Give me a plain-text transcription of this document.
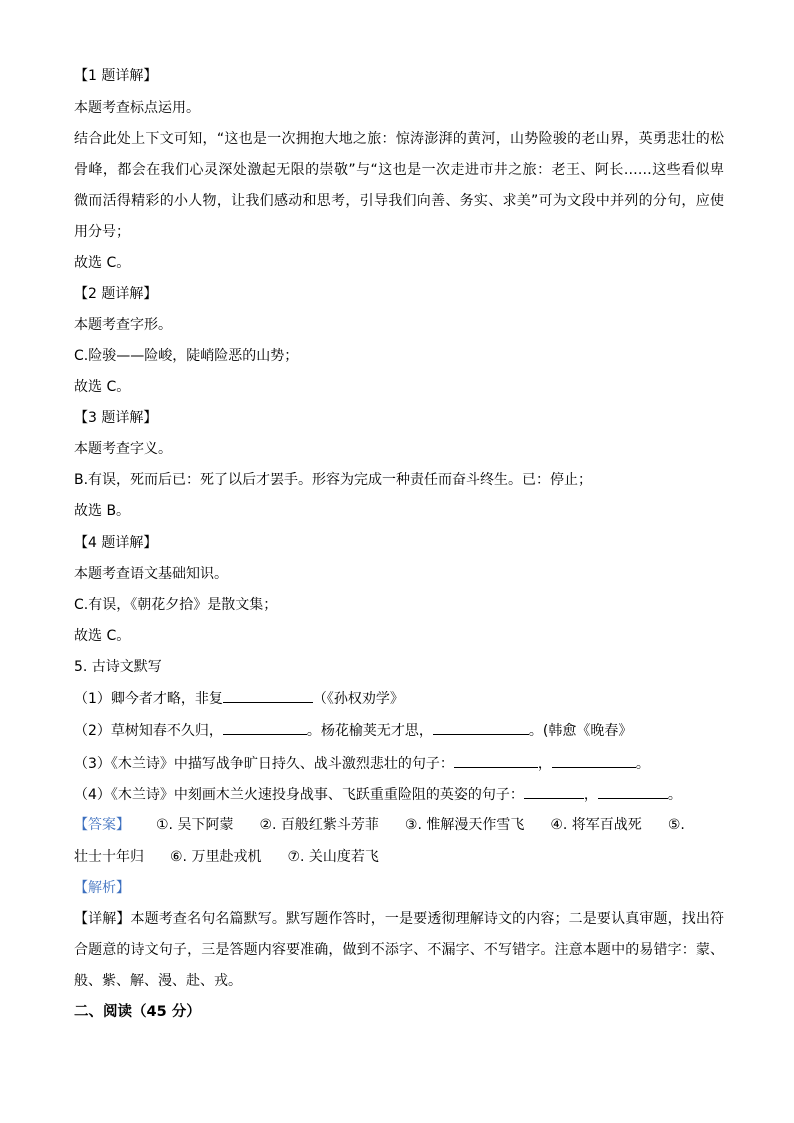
【1 题详解】
本题考查标点运用。
结合此处上下文可知，“这也是一次拥抱大地之旅：惊涛澎湃的黄河，山势险骏的老山界，英勇悲壮的松
骨峰，都会在我们心灵深处激起无限的崇敬”与“这也是一次走进市井之旅：老王、阿长……这些看似卑
微而活得精彩的小人物，让我们感动和思考，引导我们向善、务实、求美”可为文段中并列的分句，应使
用分号；
故选 C。
【2 题详解】
本题考查字形。
C.险骏——险峻，陡峭险恶的山势；
故选 C。
【3 题详解】
本题考查字义。
B.有误，死而后已：死了以后才罢手。形容为完成一种责任而奋斗终生。已：停止；
故选 B。
【4 题详解】
本题考查语文基础知识。
C.有误，《朝花夕拾》是散文集；
故选 C。
5. 古诗文默写
（1）卿今者才略，非复	（《孙权劝学》
（2）草树知春不久归，	。杨花榆荚无才思，	。(韩愈《晚春》
（3）《木兰诗》中描写战争旷日持久、战斗激烈悲壮的句子：	，	。
（4）《木兰诗》中刻画木兰火速投身战事、飞跃重重险阻的英姿的句子：	，	。
【答案】 ①. 吴下阿蒙 ②. 百般红紫斗芳菲 ③. 惟解漫天作雪飞 ④. 将军百战死 ⑤.
壮士十年归 ⑥. 万里赴戎机 ⑦. 关山度若飞
【解析】
【详解】本题考查名句名篇默写。默写题作答时，一是要透彻理解诗文的内容；二是要认真审题，找出符
合题意的诗文句子，三是答题内容要准确，做到不添字、不漏字、不写错字。注意本题中的易错字：蒙、
般、紫、解、漫、赴、戎。
二、阅读（45 分）
